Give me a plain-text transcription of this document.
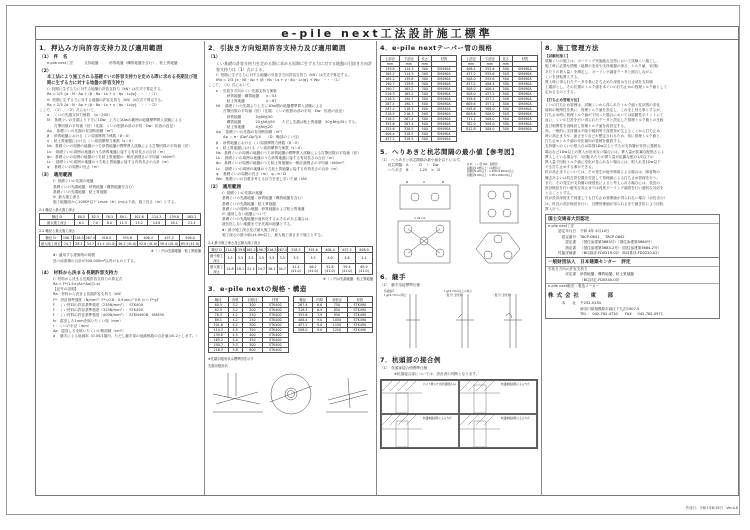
e-pile next工法設計施工標準
1．押込み方向許容支持力及び適用範囲
（1）　件　名
e-pile next工法　　　支持地盤　：　砂質地盤（礫質地盤を含む）、粘土質地盤
（2）
本工法により施工される基礎ぐいの許容支持力を定める際に求める長期及び短期に生ずる力に対する地盤の許容支持力
ⅰ）長期に生ずる力に対する地盤の許容支持力（kN）は次式で算定する。
Ra = 1/3 {α・N̄・Ap + (β・N̄s・Ls + γ・q̄u・Lc)ψ}　・・・（1）
ⅱ）短期に生ずる力に対する地盤の許容支持力（kN）は次式で算定する。
Ra = 2/3 {α・N̄・Ap + (β・N̄s・Ls + γ・q̄u・Lc)ψ}　・・・（2）
ここで、（1）、（2）式において、
α ：くいの先端支持力係数　（α＝200）
N̄ ：基礎ぐいの先端より下方に1Dw、上方に1Dwの範囲の地盤標準貫入試験による
　　打撃回数の平均値（回）（先端：くいの根固め部の平均　Dw：拡底の直径）
Ap ：基礎ぐいの先端の有効断面積（m²）
β ：砂質地盤における くい周面摩擦力係数（β＝0）
γ ：粘土質地盤における くい周面摩擦力係数（γ＝0）
N̄s：基礎ぐいの周囲の地盤のうち砂質地盤の標準貫入試験による打撃回数の平均値（回）
Ls ：基礎ぐいの周囲の地盤のうち砂質地盤に接する有効長さの合計（m）
q̄u：基礎ぐいの周囲の地盤のうち粘土質地盤の一軸圧縮強さの平均値（kN/m²）
Lc ：基礎ぐいの周囲の地盤のうち粘土質地盤に接する有効長さの合計（m）
ψ ：基礎ぐいの周囲の長さ（m）
（3）　適用範囲
ⅰ）基礎ぐいの先端の地盤
基礎ぐいの先端地盤：砂質地盤（礫質地盤を含む）
基礎ぐいの先端地盤：粘土質地盤
ⅱ）最大施工深さ
施工地盤面から100D*以下 Lmax（※）(m)は下表、施工長さ（m）とする。
2-1 軸径と最大施工深さ
軸径 D	60.5	82.5	76.3	89.1	101.6	114.3	139.8	165.2
最大施工深さ	6.1	7.0	8.0	11.5	13.2	14.8	18.1	21.4
2-2 軸径と最大施工深さ
軸径 D	190.7	216.3	267.4	318.5	355.6	406.4	457.2	508.0
最大施工深さ	24.7	28.1	34.7	41.4 (41.0)	46.2 (41.0)	52.8 (41.0)	59.4 (41.0)	65.9 (41.0)
※（ ）内は先端地盤：粘土質地盤
ⅲ）適用する建築物の規模
延べ床面積の合計が500,000m²以内のものとする。
（4）　材料から決まる長期許容支持力
ⅰ）材料から決まる長期許容支持力の算定式
Ra = F*/1.5×(As+Aa)(1-a)
【記号の説明】
Ra：材料から決まる長期許容支持力（kN）
F*：設計基準強度（N/mm²）F*=0.8・0.9(a/c)^0.6 かつ F*≦F
F ：くい材料の許容基準強度（235N/mm²）：STK400
F ：くい材料の許容基準強度（325N/mm²）：STK490
F ：くい材料の許容基準強度（400N/mm²）：STKN490B、SM490
tc：腐食しろ1mmを除いたくい厚（mm）
r ：くいの半径（mm）
Ae：腐食しろを除いたくいの断面積（cm²）
a ：継手による低減率（0.05/1箇所、ただし継手部の低減係数の合計値は0.2とします。）
2．引抜き方向短期許容支持力及び適用範囲
（1）
くい基礎の許容支持力を定める際に求める短期に生ずる力に対する地盤の引抜き方向許容支持力は（1）式による。
ⅰ）短期に生ずる力に対する地盤の引抜き方向許容支持力（kN）は次式で算定する。
tRa = 2/3 {κ・N̄t・Ap + (β・N̄s・Ls + γ・q̄u・Lc)ψ} + Wp　・・・（1）
ここで、（1）式において、
κ ：引抜き方向のくい先端支持力係数
　　　砂質地盤・礫質地盤　　κ＝53
　　　粘土質地盤　　　　　　κ＝67
N̄t ：基礎ぐいの先端より上方に1Dw間の地盤標準貫入試験による
　　打撃回数の平均値（回）（先端：くいの根固め部の平均　Dw：拡底の直径）
　　　砂質地盤　　　　5≦N̄t≦50
　　　礫質地盤　　　　20≦N̄t≦50　　ただし先端は粘土質地盤：20≦N̄t≦35とする。
　　　粘土質地盤　　　4≦N̄t≦20
Ap ：基礎ぐいの先端の有効断面積（m²）
　　Ap ＝ π・(Dw²-Dp²)/4　　（D：軸部のくい径）
β ：砂質地盤における くい周面摩擦力係数（β＝0）
γ ：粘土質地盤における くい周面摩擦力係数（γ＝0）
N̄s：基礎ぐいの周囲の地盤のうち砂質地盤の標準貫入試験による打撃回数の平均値（回）
Ls ：基礎ぐいの周囲の地盤のうち砂質地盤に接する有効長さの合計（m）
q̄u：基礎ぐいの周囲の地盤のうち粘土質地盤の一軸圧縮強さの平均値（kN/m²）
Lc ：基礎ぐいの周囲の地盤のうち粘土質地盤に接する有効長さの合計（m）
ψ ：基礎ぐいの周囲の長さ（m）　ψ＝π・D
Wp：基礎ぐいの自重を考える浮力を差し引いた値（kN）
（2）　適用範囲
ⅰ）基礎ぐいの先端の地盤
基礎ぐいの先端地盤：砂質地盤（礫質地盤を含む）
基礎ぐいの先端地盤：粘土質地盤
基礎ぐいの周囲の地盤：砂質地盤および粘土質地盤
ⅱ）適用しない地盤について
基礎ぐいの先端地盤が液状化するおそれがある場合は、
液状化しない地盤までを先端の地盤とする。
ⅲ）最小施工深さ及び最大施工深さ
施工深さの最小値は4.0m以上、最大施工深さまで施工とする。
2-1 最小施工深さ及び最大施工深さ
軸径 D	114.3	139.8	165.2	190.7	216.3	267.4	318.5	355.6	406.4	457.2	508.0
最小施工深さ	3.5	3.5	3.5	3.5	3.5	3.5	3.5	3.5	4.0	4.6	5.1
最大施工深さ	14.8	18.1	21.4	24.7	28.1	34.7	41.4 (41.0)	46.2 (41.0)	52.8 (41.0)	59.4 (41.0)	65.9 (41.0)
※（ ）内は先端地盤：粘土質地盤
3．e-pile nextの規格・構造
軸径	肉厚	羽根径	材質
60.5	3.2	200	STK400
82.5	3.2	200	STK400
76.3	4.2	250	STK400
89.1	4.2	250	STK400
101.6	4.2	300	STK400
114.3	4.5	350	STK400
139.8	4.5	400	STK400
165.2	5.0	450	STK400
190.7	5.3	500	STK400
216.3	5.8	600	STK400
軸径	肉厚	羽根径	材質
267.4	6.6	750	STK490
318.5	6.9	850	STK490
355.6	7.9	950	STK490
406.4	9.0	1050	STK490
457.2	9.0	1150	STK490
508.0	9.0	1250	STK490
※先端羽根形状は標準図を示す
先端羽根形状
4．e-pile nextテーパー管の規格
上部径	下部径	長さ	材質
mm	mm	mm	
139.8	114.3	300	SM490A
165.2	114.3	300	SM490A
165.2	139.8	300	SM490A
190.7	139.8	300	SM490A
190.7	165.2	300	SM490A
216.3	165.2	300	SM490A
216.3	190.7	300	SM490A
267.4	190.7	500	SM490A
267.4	216.3	500	SM490A
318.5	216.3	500	SM490A
318.5	267.4	500	SM490A
355.6	267.4	500	SM490A
355.6	318.5	500	SM490A
406.4	318.5	500	SM490A
457.2	318.5	500	SM490A
上部径	下部径	長さ	材質
mm	mm	mm	
406.4	355.6	500	SM490A
457.2	355.6	500	SM490A
508.0	355.6	500	SM490A
457.2	406.4	500	SM490A
508.0	406.4	500	SM490A
508.0	457.2	500	SM490A
558.8	457.2	500	SM490A
609.6	457.2	500	SM490A
558.8	508.0	500	SM490A
609.6	508.0	500	SM490A
711.2	508.0	500	SM490A
762.0	508.0	500	SM490A
812.8	508.0	500	SM490A
5．へりあきと杭芯間隔の最小値【参考図】
（1）　へりあきと杭芯間隔の最小値を以下に示す。
杭芯間隔　 A　 ：　D　＋　Dw
へりあき　 B　 ：　1.25　×　D
※ D：くい径 Dw：羽根径
羽根径1.0倍以上：1羽根以上
羽根径0.9m以上：1.25D×100mm以上
羽根径0.9m以上：1.5D×100mm以上
B	A	B
1.41×A
6．継手
（1）　継手溶接標準仕様
溶接継手
t ≦16.7mmの場合
t ≦16.7mm以上の場合
（裏当て金使用）	（裏当て金使用）
7．杭頭部の接合例
（1）　杭頭部接合例標準仕様
※杭頭接合部については、設計者の判断となります。
かぶり厚さ方式(杭頭埋込み)	杭頭補強鉄筋による方式
杭頭補強鉄筋による方式	杭頭補強鉄筋による方式
8．施工管理方法
【試験杭施工】
試験くいの施工は、ボーリング実施地点近傍において試験くい施工し、
施工時に必要な情報（地層の変化や支持地盤の深さ、トルク値、1回転
あたりの貫入量）を測定し、ボーリング調査データと照合しながら
くいを回転貫入する。
貫入時に得られたデータを基に打ち止めた深度は当日止部を支持層
上端部とし、その位置のトルク値を本ぐいの打ち止めの管理トルク値として
定めるものとする。
【打ち止め管理方法】
くいの打ち止め管理は、試験くいから得られたトルク値と柱状図の変化
傾向の相関性を基に、管理トルク値を設定し、これを上回る事とするが、
打ち止め時に管理トルク値が下回った場合においては追随性ポイントにて
直に、くいの打設を行い得られたデータと設定した管理トルク値との比較
及び相関性を再検討し管理トルク値を再設定する。
尚、一般的に支持層は不陸や傾斜等で深度差が生じることから打ち止め
時に高止まりや、深止まりなどが想定されるため、常に管理トルク値と、
打ち止めトルク値の変化傾向の管理を徹底する。
支持層へのくいの根入れは原則1Dw以上とするが支持層が非常に強固な
場合など1Dw以上の貫入が出来ない場合には、貫入量が拡翼な配筋さらよ
貫入している場合や、1回転あたりの貫入量が拡翼な配の1/2以下の
貫入量で回転トルク値に変化が見られない場合には、根入れ長1Dw以下
でも打ち止めする事ができる。
杭の高止まりについては、その発生が地中障害による場合は、障害物の
撤去あるいは杭打設位置を変更して管理値による打ち止め管理を行う。
また、その発生が支持層の深度差によると考えられる場合には、杭長の
設計検討を行い確実な高止まりは再度ボーリング調査を行い適切な対応を
とることとする。
杭が設計深度まで到達しても打ち止め管理値が得られない場合（余長含む）
は、杭長の設計検討を行い、目標管理値が得られるまで継ぎ杭により回転
貫入行う。
国土交通省大臣認定
e-pile next工法
認定年月日	令和 4年 4月14日
認定番号	TACP-0641 、 TACP-0642
認定書	（国住参建第3683号）（国住参建第3684号）
指定書	（国住参建第3683-2号）（国住参建第3684-2号）
性能評価書	（BCJ基評-FD0219-02）（BCJ基評-FD0220-02）
一般財団法人　日本建築センター　評定
引抜き方向の許容支持力
評定書	砂質地盤、礫質地盤、粘土質地盤
（BCJ評定-FD0540-03）
e-pile next販売・製造メーカー
株式会社　東　部
本　　社	〒252-0134
神奈川県相模原市緑区下九沢1507-5
TEL ： 042-762-4720
　　 FAX ： 042-762-0971
作成日：令和7年8月8日　 Ver.4.6
